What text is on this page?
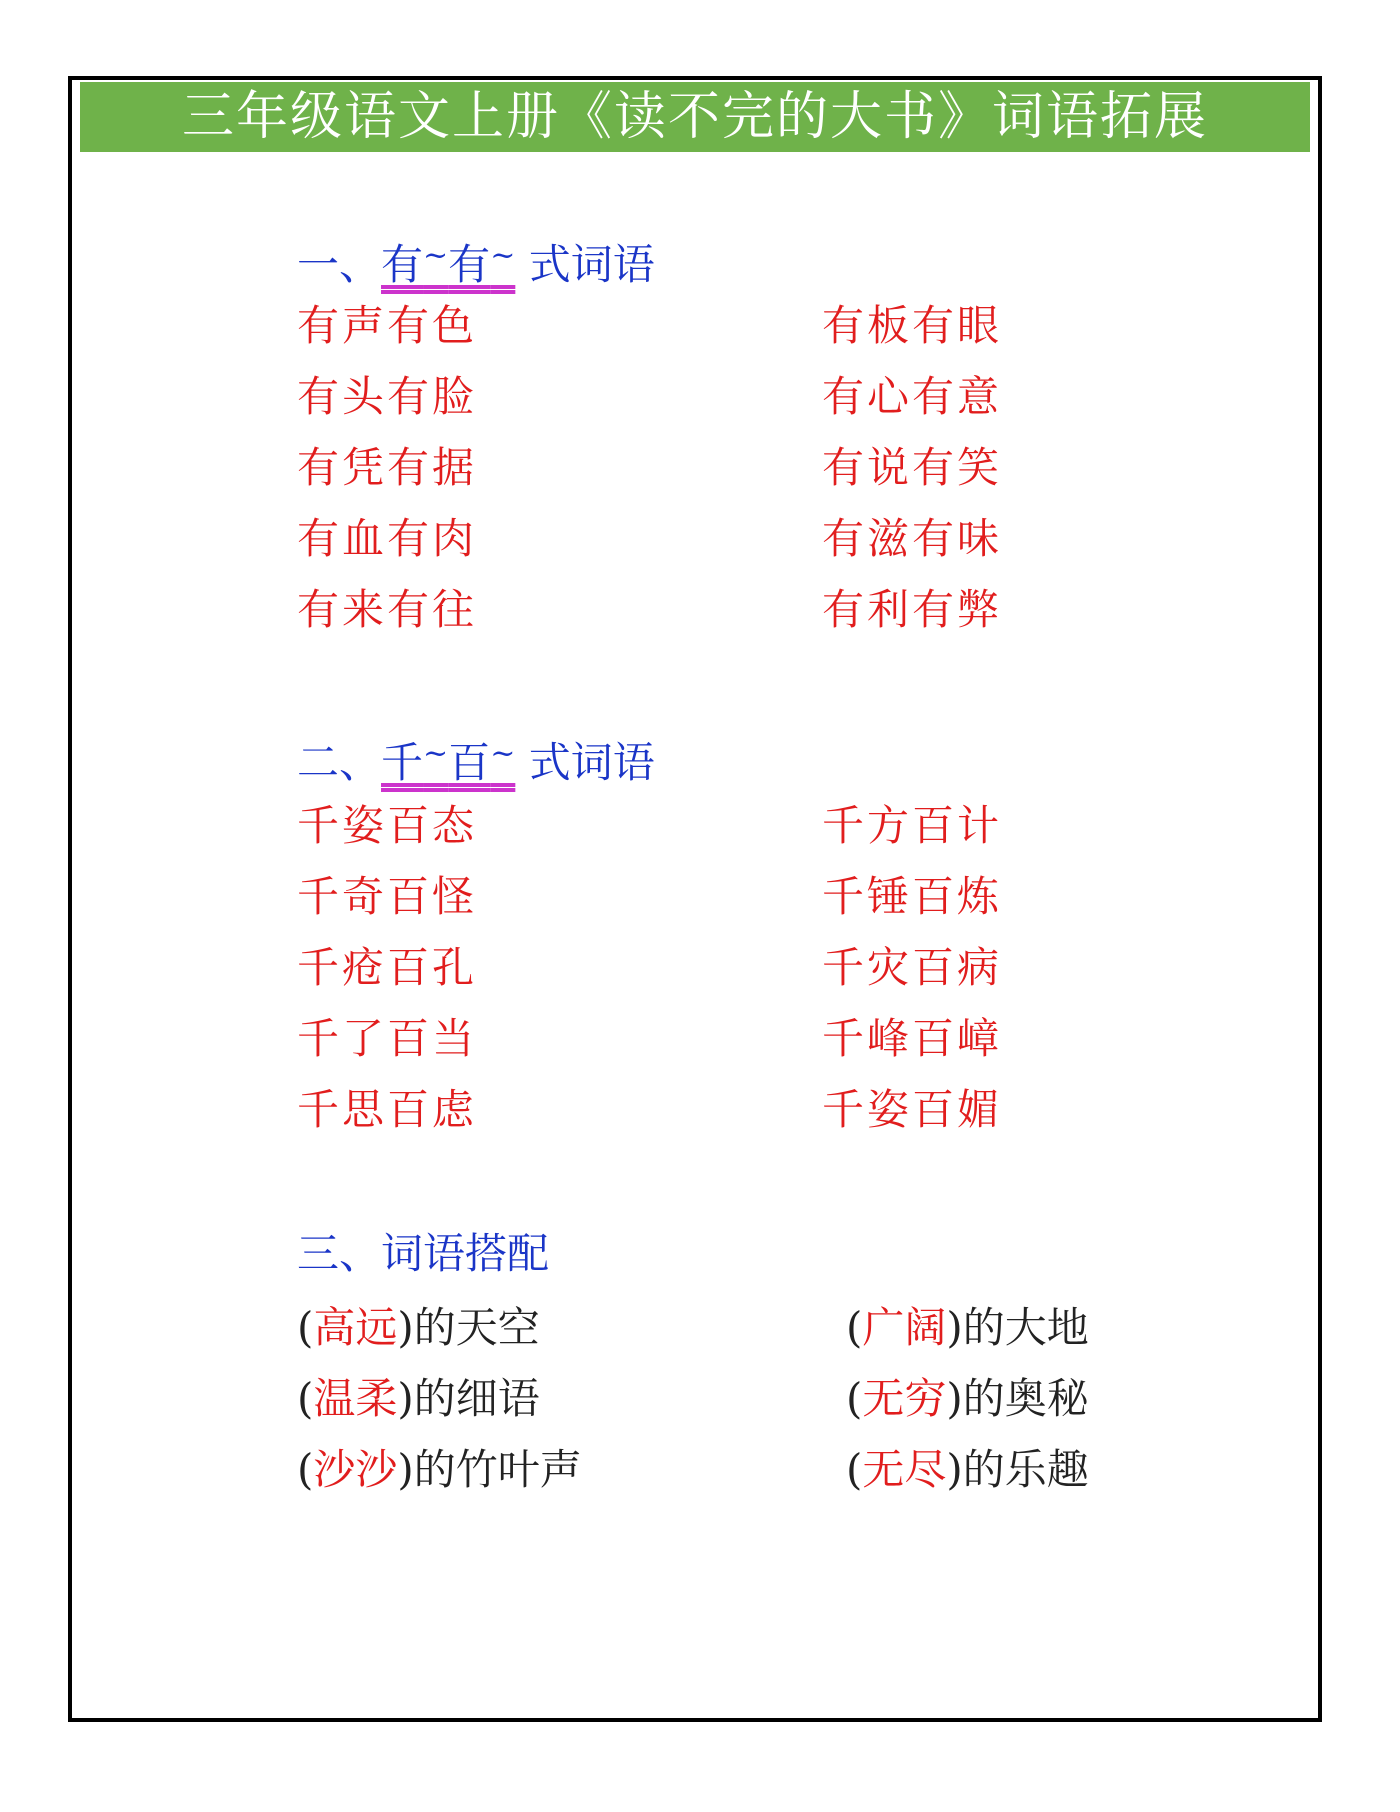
三年级语文上册《读不完的大书》词语拓展
一、有~有~ 式词语
有声有色
有头有脸
有凭有据
有血有肉
有来有往
有板有眼
有心有意
有说有笑
有滋有味
有利有弊
二、千~百~ 式词语
千姿百态
千奇百怪
千疮百孔
千了百当
千思百虑
千方百计
千锤百炼
千灾百病
千峰百嶂
千姿百媚
三、词语搭配
(高远)的天空
(温柔)的细语
(沙沙)的竹叶声
(广阔)的大地
(无穷)的奥秘
(无尽)的乐趣
